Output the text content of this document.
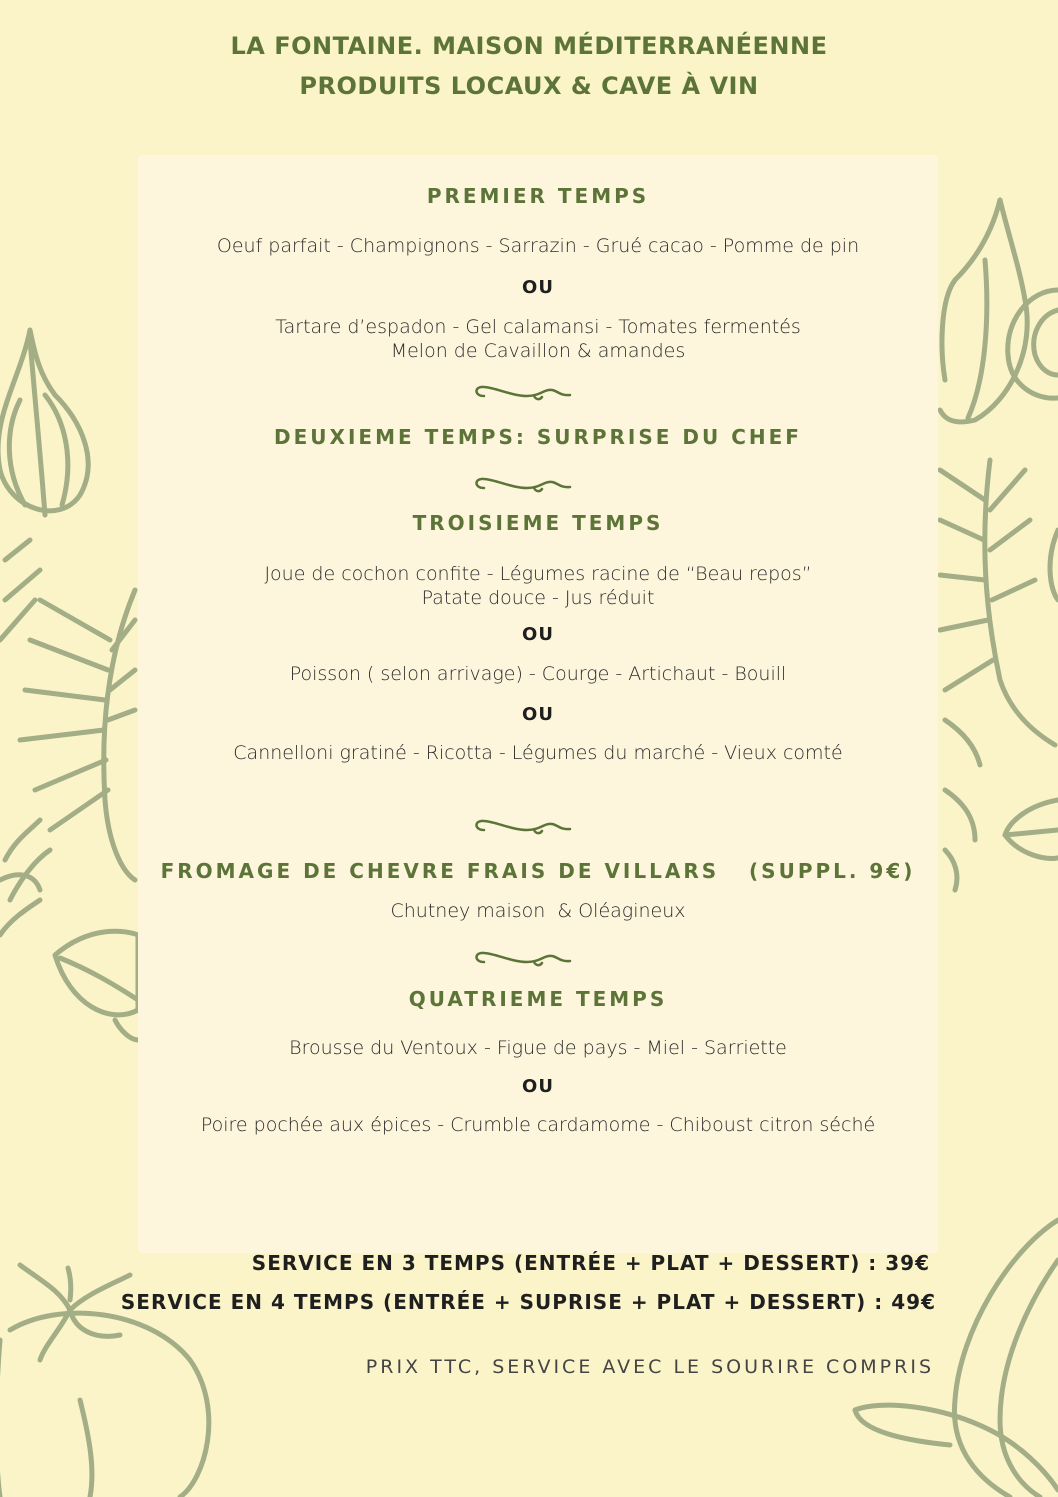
LA FONTAINE. MAISON MÉDITERRANÉENNE
PRODUITS LOCAUX & CAVE À VIN

PREMIER TEMPS

Oeuf parfait - Champignons - Sarrazin - Grué cacao - Pomme de pin

OU

Tartare d’espadon - Gel calamansi - Tomates fermentés

Melon de Cavaillon & amandes

DEUXIEME TEMPS: SURPRISE DU CHEF

TROISIEME TEMPS

Joue de cochon confite - Légumes racine de “Beau repos”

Patate douce - Jus réduit

OU

Poisson ( selon arrivage) - Courge - Artichaut - Bouill

OU

Cannelloni gratiné - Ricotta - Légumes du marché - Vieux comté

FROMAGE DE CHEVRE FRAIS DE VILLARS   (SUPPL. 9€)

Chutney maison  & Oléagineux

QUATRIEME TEMPS

Brousse du Ventoux - Figue de pays - Miel - Sarriette

OU

Poire pochée aux épices - Crumble cardamome - Chiboust citron séché

SERVICE EN 3 TEMPS (ENTRÉE + PLAT + DESSERT) : 39€

SERVICE EN 4 TEMPS (ENTRÉE + SUPRISE + PLAT + DESSERT) : 49€

PRIX TTC, SERVICE AVEC LE SOURIRE COMPRIS
